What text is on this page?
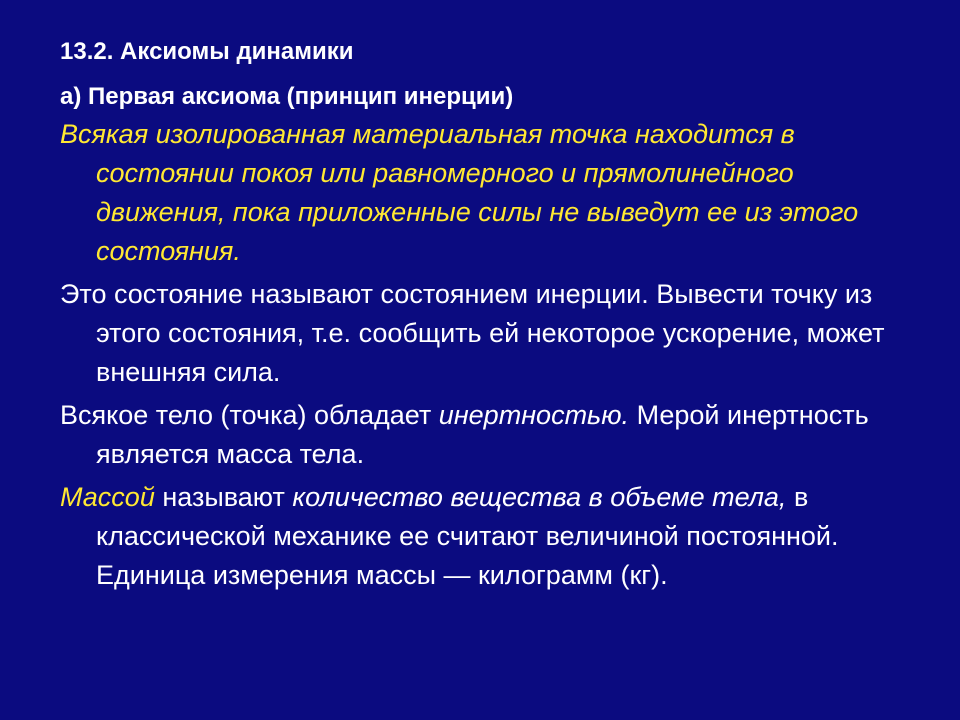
13.2. Аксиомы динамики
а) Первая аксиома (принцип инерции)

Всякая изолированная материальная точка находится в состоянии покоя или равномерного и прямолинейного движения, пока приложенные силы не выведут ее из этого состояния.

Это состояние называют состоянием инерции. Вывести точку из этого состояния, т.е. сообщить ей некоторое ускорение, может внешняя сила.

Всякое тело (точка) обладает инертностью. Мерой инертность является масса тела.

Массой называют количество вещества в объеме тела, в классической механике ее считают величиной постоянной. Единица измерения массы — килограмм (кг).
